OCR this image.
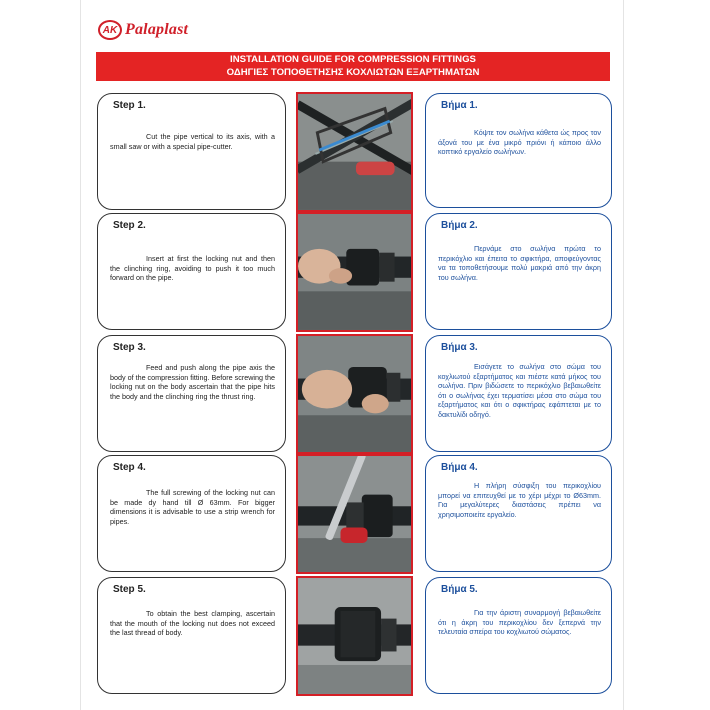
AK Palaplast
INSTALLATION GUIDE FOR COMPRESSION FITTINGS
ΟΔΗΓΙΕΣ ΤΟΠΟΘΕΤΗΣΗΣ ΚΟΧΛΙΩΤΩΝ ΕΞΑΡΤΗΜΑΤΩΝ
Step 1.
Cut the pipe vertical to its axis, with a small saw or with a special pipe-cutter.
Βήμα 1.
Κόψτε τον σωλήνα κάθετα ώς προς τον άξονά του με ένα μικρό πριόνι ή κάποιο άλλο κοπτικό εργαλείο σωλήνων.
Step 2.
Insert at first the locking nut and then the clinching ring, avoiding to push it too much forward on the pipe.
Βήμα 2.
Περνάμε στο σωλήνα πρώτα το περικόχλιο και έπειτα το σφικτήρα, αποφεύγοντας να τα τοποθετήσουμε πολύ μακριά από την άκρη του σωλήνα.
Step 3.
Feed and push along the pipe axis the body of the compression fitting. Before screwing the locking nut on the body ascertain that the pipe hits the body and the clinching ring the thrust ring.
Βήμα 3.
Εισάγετε το σωλήνα στο σώμα του κοχλιωτού εξαρτήματος και πιέστε κατά μήκος του σωλήνα. Πριν βιδώσετε το περικόχλιο βεβαιωθείτε ότι ο σωλήνας έχει τερματίσει μέσα στο σώμα του εξαρτήματος και ότι ο σφικτήρας εφάπτεται με το δακτυλίδι οδηγό.
Step 4.
The full screwing of the locking nut can be made dy hand till Ø 63mm. For bigger dimensions it is advisable to use a strip wrench for pipes.
Βήμα 4.
Η πλήρη σύσφιξη του περικοχλίου μπορεί να επιτευχθεί με το χέρι μέχρι το Ø63mm. Για μεγαλύτερες διαστάσεις πρέπει να χρησιμοποιείτε εργαλείο.
Step 5.
To obtain the best clamping, ascertain that the mouth of the locking nut does not exceed the last thread of body.
Βήμα 5.
Για την άριστη συναρμογή βεβαιωθείτε ότι η άκρη του περικοχλίου δεν ξεπερνά την τελευταία σπείρα του κοχλιωτού σώματος.
